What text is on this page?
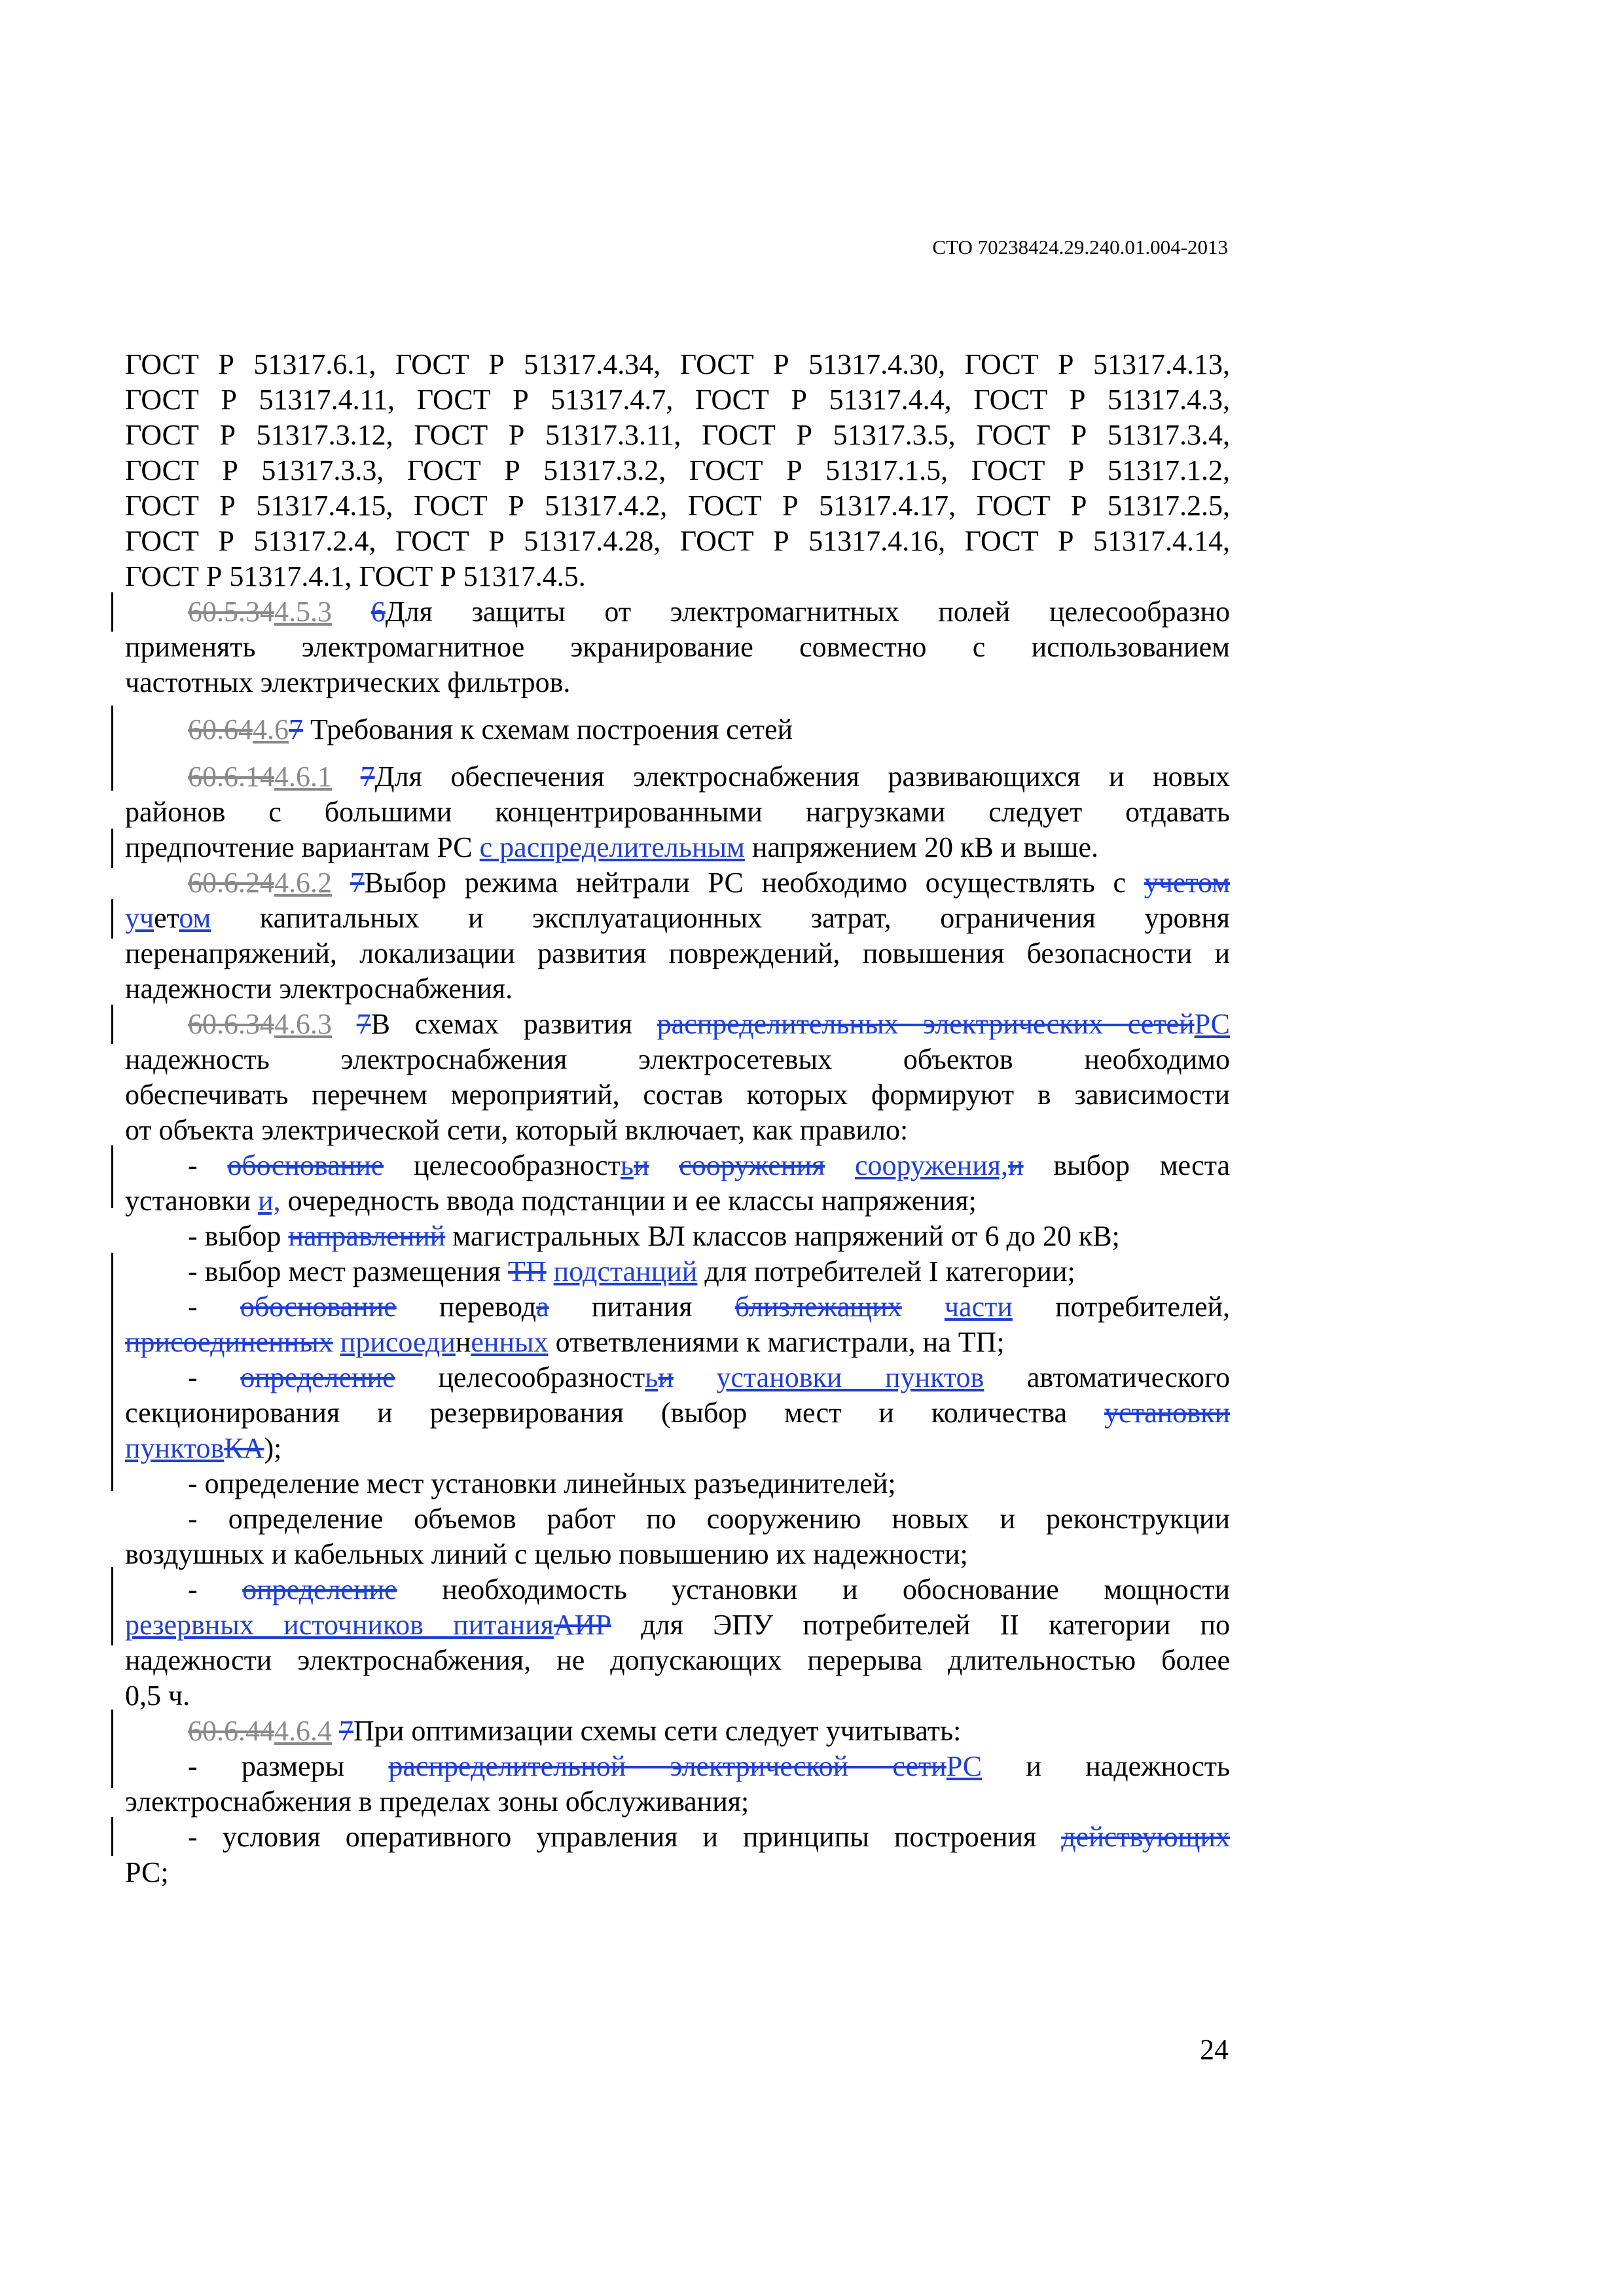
СТО 70238424.29.240.01.004-2013
ГОСТ Р 51317.6.1, ГОСТ Р 51317.4.34, ГОСТ Р 51317.4.30, ГОСТ Р 51317.4.13,
ГОСТ Р 51317.4.11, ГОСТ Р 51317.4.7, ГОСТ Р 51317.4.4, ГОСТ Р 51317.4.3,
ГОСТ Р 51317.3.12, ГОСТ Р 51317.3.11, ГОСТ Р 51317.3.5, ГОСТ Р 51317.3.4,
ГОСТ Р 51317.3.3, ГОСТ Р 51317.3.2, ГОСТ Р 51317.1.5, ГОСТ Р 51317.1.2,
ГОСТ Р 51317.4.15, ГОСТ Р 51317.4.2, ГОСТ Р 51317.4.17, ГОСТ Р 51317.2.5,
ГОСТ Р 51317.2.4, ГОСТ Р 51317.4.28, ГОСТ Р 51317.4.16, ГОСТ Р 51317.4.14,
ГОСТ Р 51317.4.1, ГОСТ Р 51317.4.5.
60.5.344.5.3 6Для защиты от электромагнитных полей целесообразно
применять электромагнитное экранирование совместно с использованием
частотных электрических фильтров.
60.644.67 Требования к схемам построения сетей
60.6.144.6.1 7Для обеспечения электроснабжения развивающихся и новых
районов с большими концентрированными нагрузками следует отдавать
предпочтение вариантам РС с распределительным напряжением 20 кВ и выше.
60.6.244.6.2 7Выбор режима нейтрали РС необходимо осуществлять с учетом
учетом капитальных и эксплуатационных затрат, ограничения уровня
перенапряжений, локализации развития повреждений, повышения безопасности и
надежности электроснабжения.
60.6.344.6.3 7В схемах развития распределительных электрических сетейРС
надежность электроснабжения электросетевых объектов необходимо
обеспечивать перечнем мероприятий, состав которых формируют в зависимости
от объекта электрической сети, который включает, как правило:
- обоснование целесообразностьи сооружения сооружения,и выбор места
установки и, очередность ввода подстанции и ее классы напряжения;
- выбор направлений магистральных ВЛ классов напряжений от 6 до 20 кВ;
- выбор мест размещения ТП подстанций для потребителей I категории;
- обоснование перевода питания близлежащих части потребителей,
присоединенных присоединенных ответвлениями к магистрали, на ТП;
- определение целесообразностьи установки пунктов автоматического
секционирования и резервирования (выбор мест и количества установки
пунктовКА);
- определение мест установки линейных разъединителей;
- определение объемов работ по сооружению новых и реконструкции
воздушных и кабельных линий с целью повышению их надежности;
- определение необходимость установки и обоснование мощности
резервных источников питанияАИР для ЭПУ потребителей II категории по
надежности электроснабжения, не допускающих перерыва длительностью более
0,5 ч.
60.6.444.6.4 7При оптимизации схемы сети следует учитывать:
- размеры распределительной электрической сетиРС и надежность
электроснабжения в пределах зоны обслуживания;
- условия оперативного управления и принципы построения действующих
РС;
24
